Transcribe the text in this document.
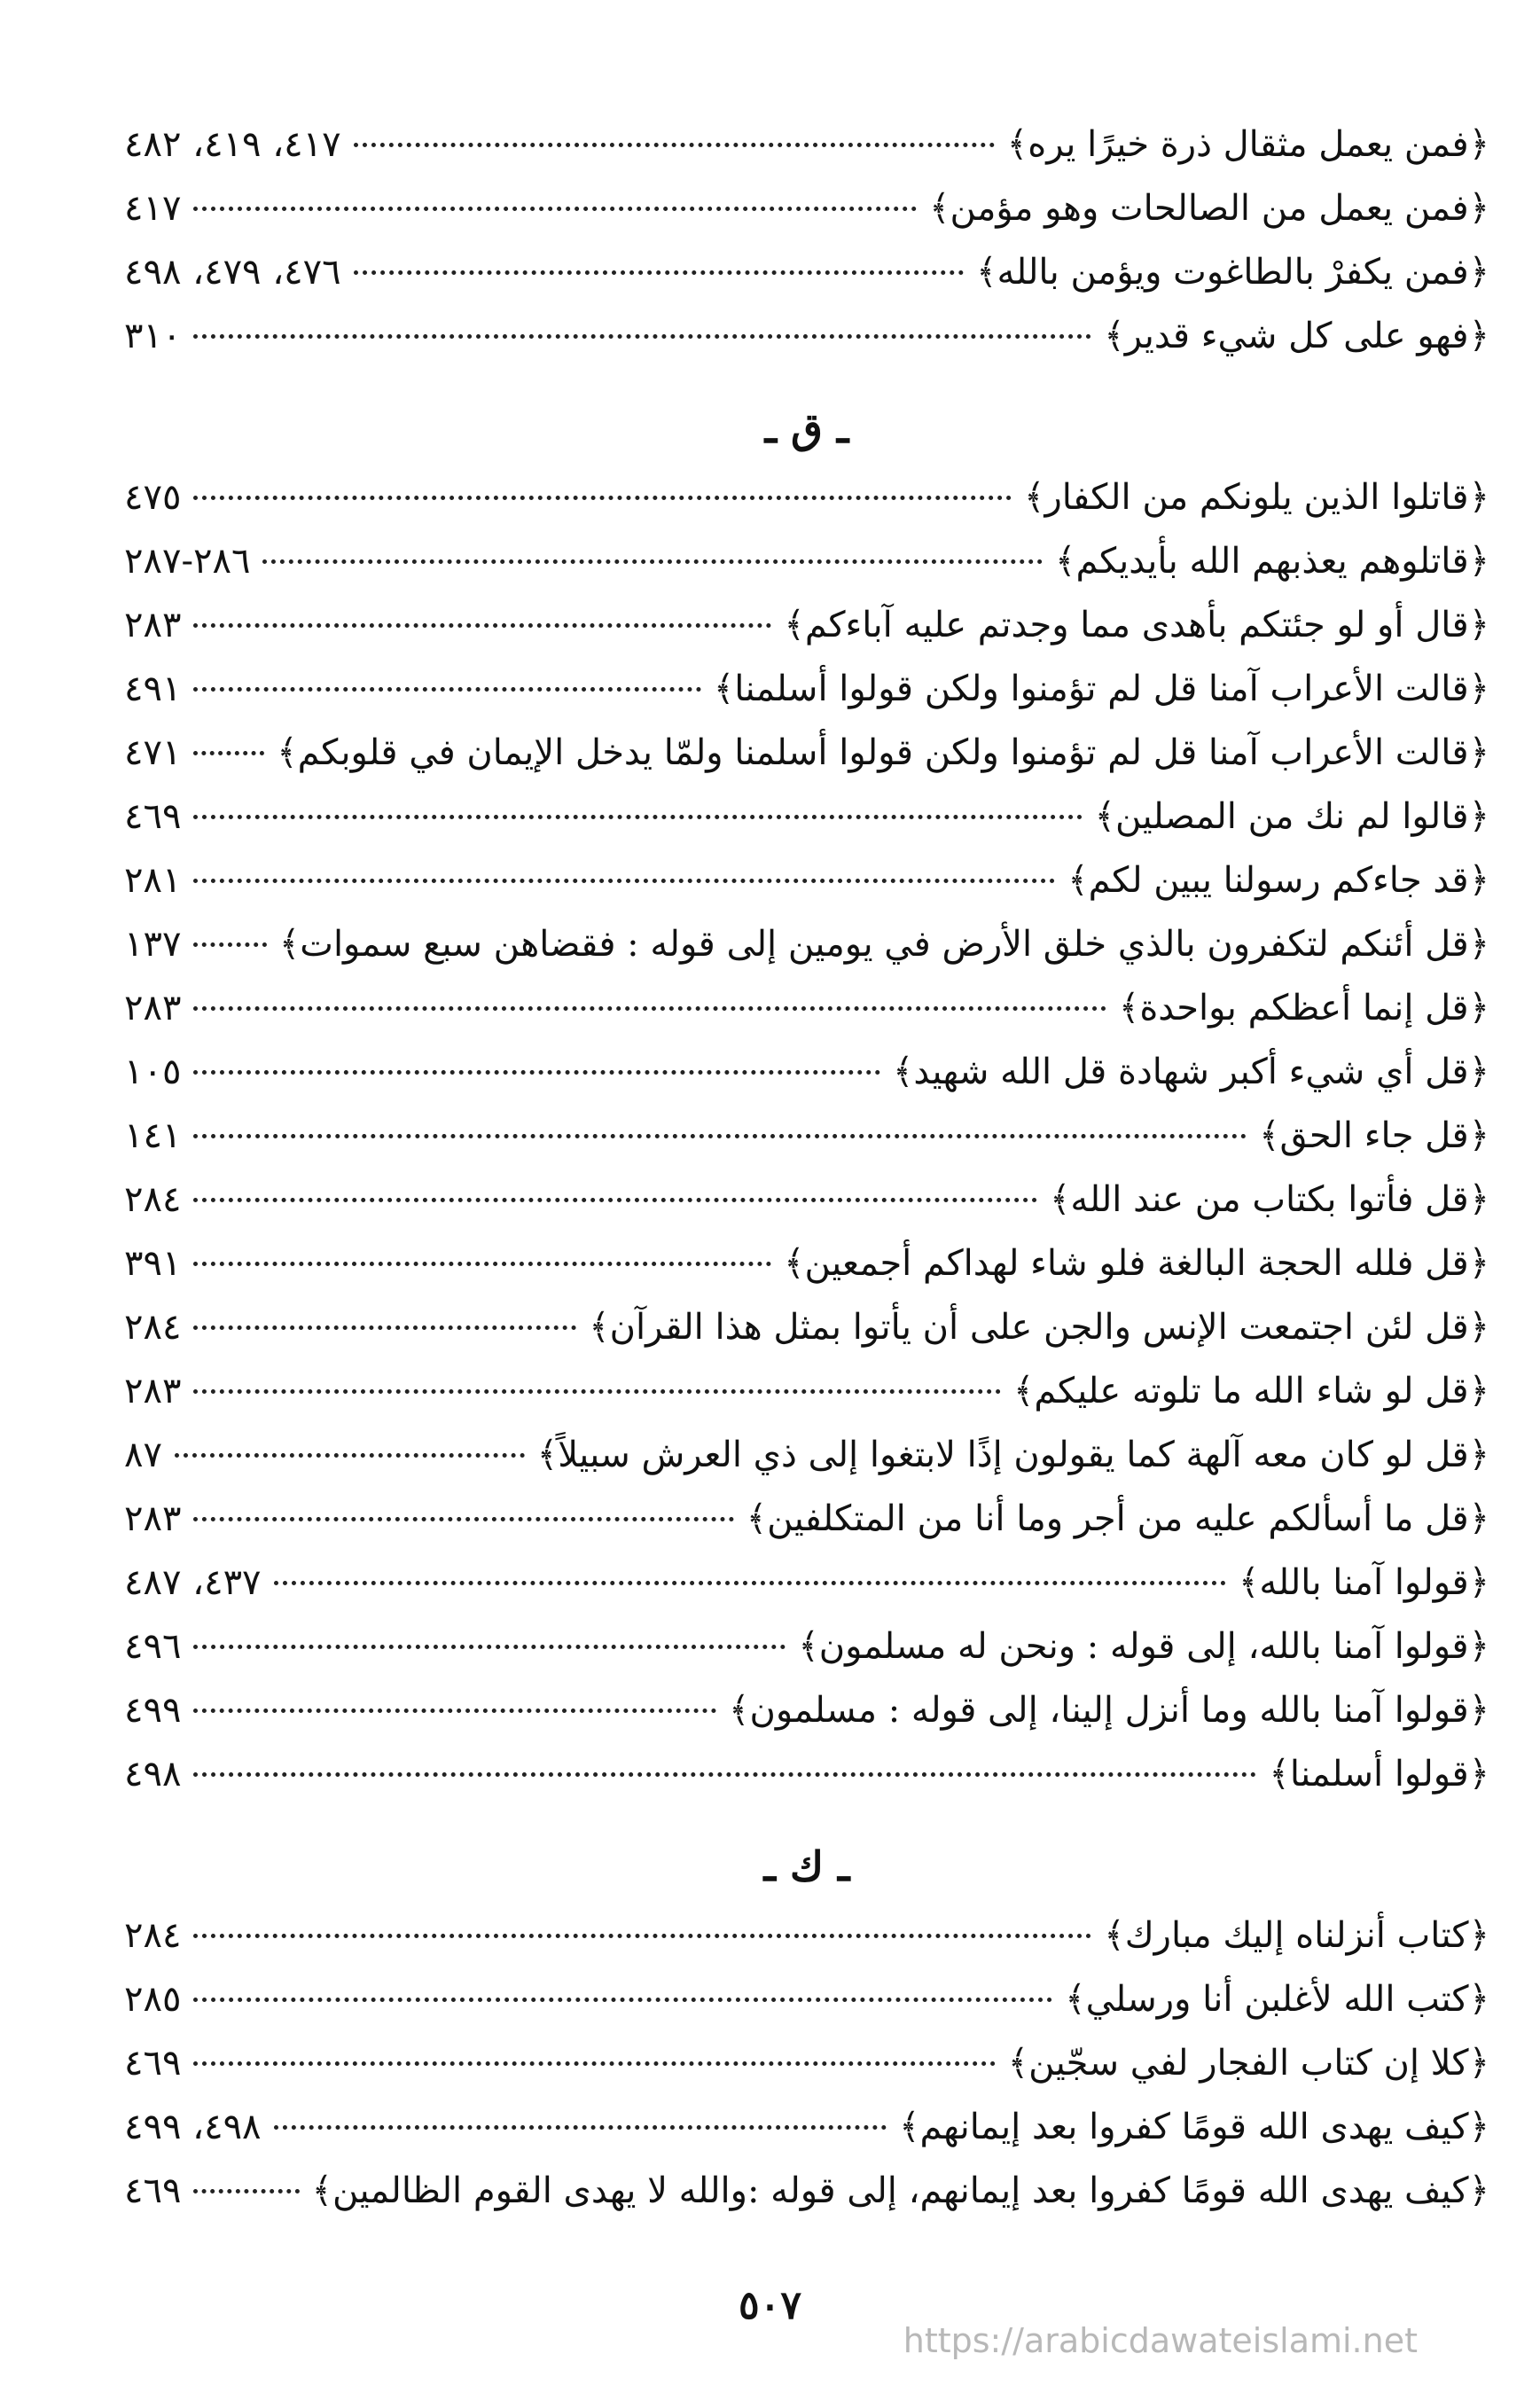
﴿
فمن يعمل مثقال ذرة خيرًا يره
﴾
٤١٧، ٤١٩، ٤٨٢
﴿
فمن يعمل من الصالحات وهو مؤمن
﴾
٤١٧
﴿
فمن يكفرْ بالطاغوت ويؤمن بالله
﴾
٤٧٦، ٤٧٩، ٤٩٨
﴿
فهو على كل شيء قدير
﴾
٣١٠
ـ ق ـ
﴿
قاتلوا الذين يلونكم من الكفار
﴾
٤٧٥
﴿
قاتلوهم يعذبهم الله بأيديكم
﴾
٢٨٦-٢٨٧
﴿
قال أو لو جئتكم بأهدى مما وجدتم عليه آباءكم
﴾
٢٨٣
﴿
قالت الأعراب آمنا قل لم تؤمنوا ولكن قولوا أسلمنا
﴾
٤٩١
﴿
قالت الأعراب آمنا قل لم تؤمنوا ولكن قولوا أسلمنا ولمّا يدخل الإيمان في قلوبكم
﴾
٤٧١
﴿
قالوا لم نك من المصلين
﴾
٤٦٩
﴿
قد جاءكم رسولنا يبين لكم
﴾
٢٨١
﴿
قل أئنكم لتكفرون بالذي خلق الأرض في يومين إلى قوله : فقضاهن سبع سموات
﴾
١٣٧
﴿
قل إنما أعظكم بواحدة
﴾
٢٨٣
﴿
قل أي شيء أكبر شهادة قل الله شهيد
﴾
١٠٥
﴿
قل جاء الحق
﴾
١٤١
﴿
قل فأتوا بكتاب من عند الله
﴾
٢٨٤
﴿
قل فلله الحجة البالغة فلو شاء لهداكم أجمعين
﴾
٣٩١
﴿
قل لئن اجتمعت الإنس والجن على أن يأتوا بمثل هذا القرآن
﴾
٢٨٤
﴿
قل لو شاء الله ما تلوته عليكم
﴾
٢٨٣
﴿
قل لو كان معه آلهة كما يقولون إذًا لابتغوا إلى ذي العرش سبيلاً
﴾
٨٧
﴿
قل ما أسألكم عليه من أجر وما أنا من المتكلفين
﴾
٢٨٣
﴿
قولوا آمنا بالله
﴾
٤٣٧، ٤٨٧
﴿
قولوا آمنا بالله، إلى قوله : ونحن له مسلمون
﴾
٤٩٦
﴿
قولوا آمنا بالله وما أنزل إلينا، إلى قوله : مسلمون
﴾
٤٩٩
﴿
قولوا أسلمنا
﴾
٤٩٨
ـ ك ـ
﴿
كتاب أنزلناه إليك مبارك
﴾
٢٨٤
﴿
كتب الله لأغلبن أنا ورسلي
﴾
٢٨٥
﴿
كلا إن كتاب الفجار لفي سجّين
﴾
٤٦٩
﴿
كيف يهدى الله قومًا كفروا بعد إيمانهم
﴾
٤٩٨، ٤٩٩
﴿
كيف يهدى الله قومًا كفروا بعد إيمانهم، إلى قوله :والله لا يهدى القوم الظالمين
﴾
٤٦٩
٥٠٧
https://arabicdawateislami.net
